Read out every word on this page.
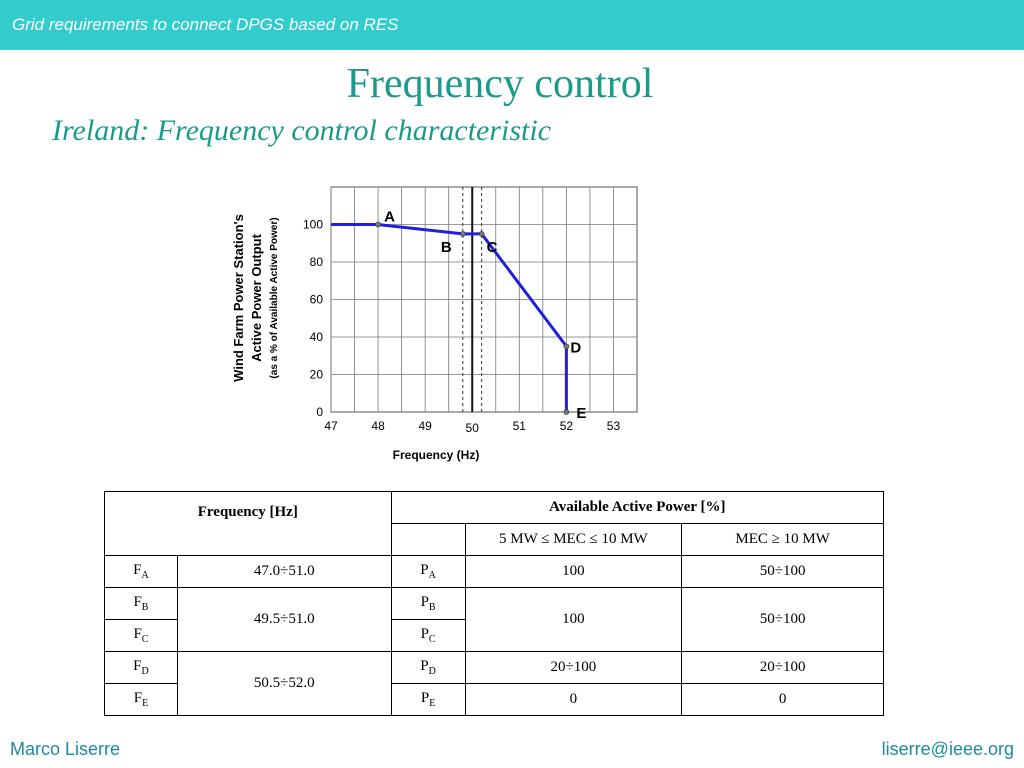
Grid requirements to connect DPGS based on RES
Frequency control
Ireland: Frequency control characteristic
47	48	49	50	51	52	53
0
20
40
60
80
100	A
B C
D
E
Wind Farm Power Station's Active Power Output (as a % of Available Active Power)
Frequency (Hz)
Frequency [Hz]		Available Active Power [%]		
			5 MW ≤ MEC ≤ 10 MW	MEC ≥ 10 MW
$F_A$	47.0÷51.0	$P_A$	100	50÷100
$F_B$	49.5÷51.0	$P_B$	100	50÷100
$F_C$		$P_C$
$F_D$	50.5÷52.0	$P_D$	20÷100	20÷100
$F_E$		$P_E$	0	0
Marco Liserre	liserre@ieee.org
